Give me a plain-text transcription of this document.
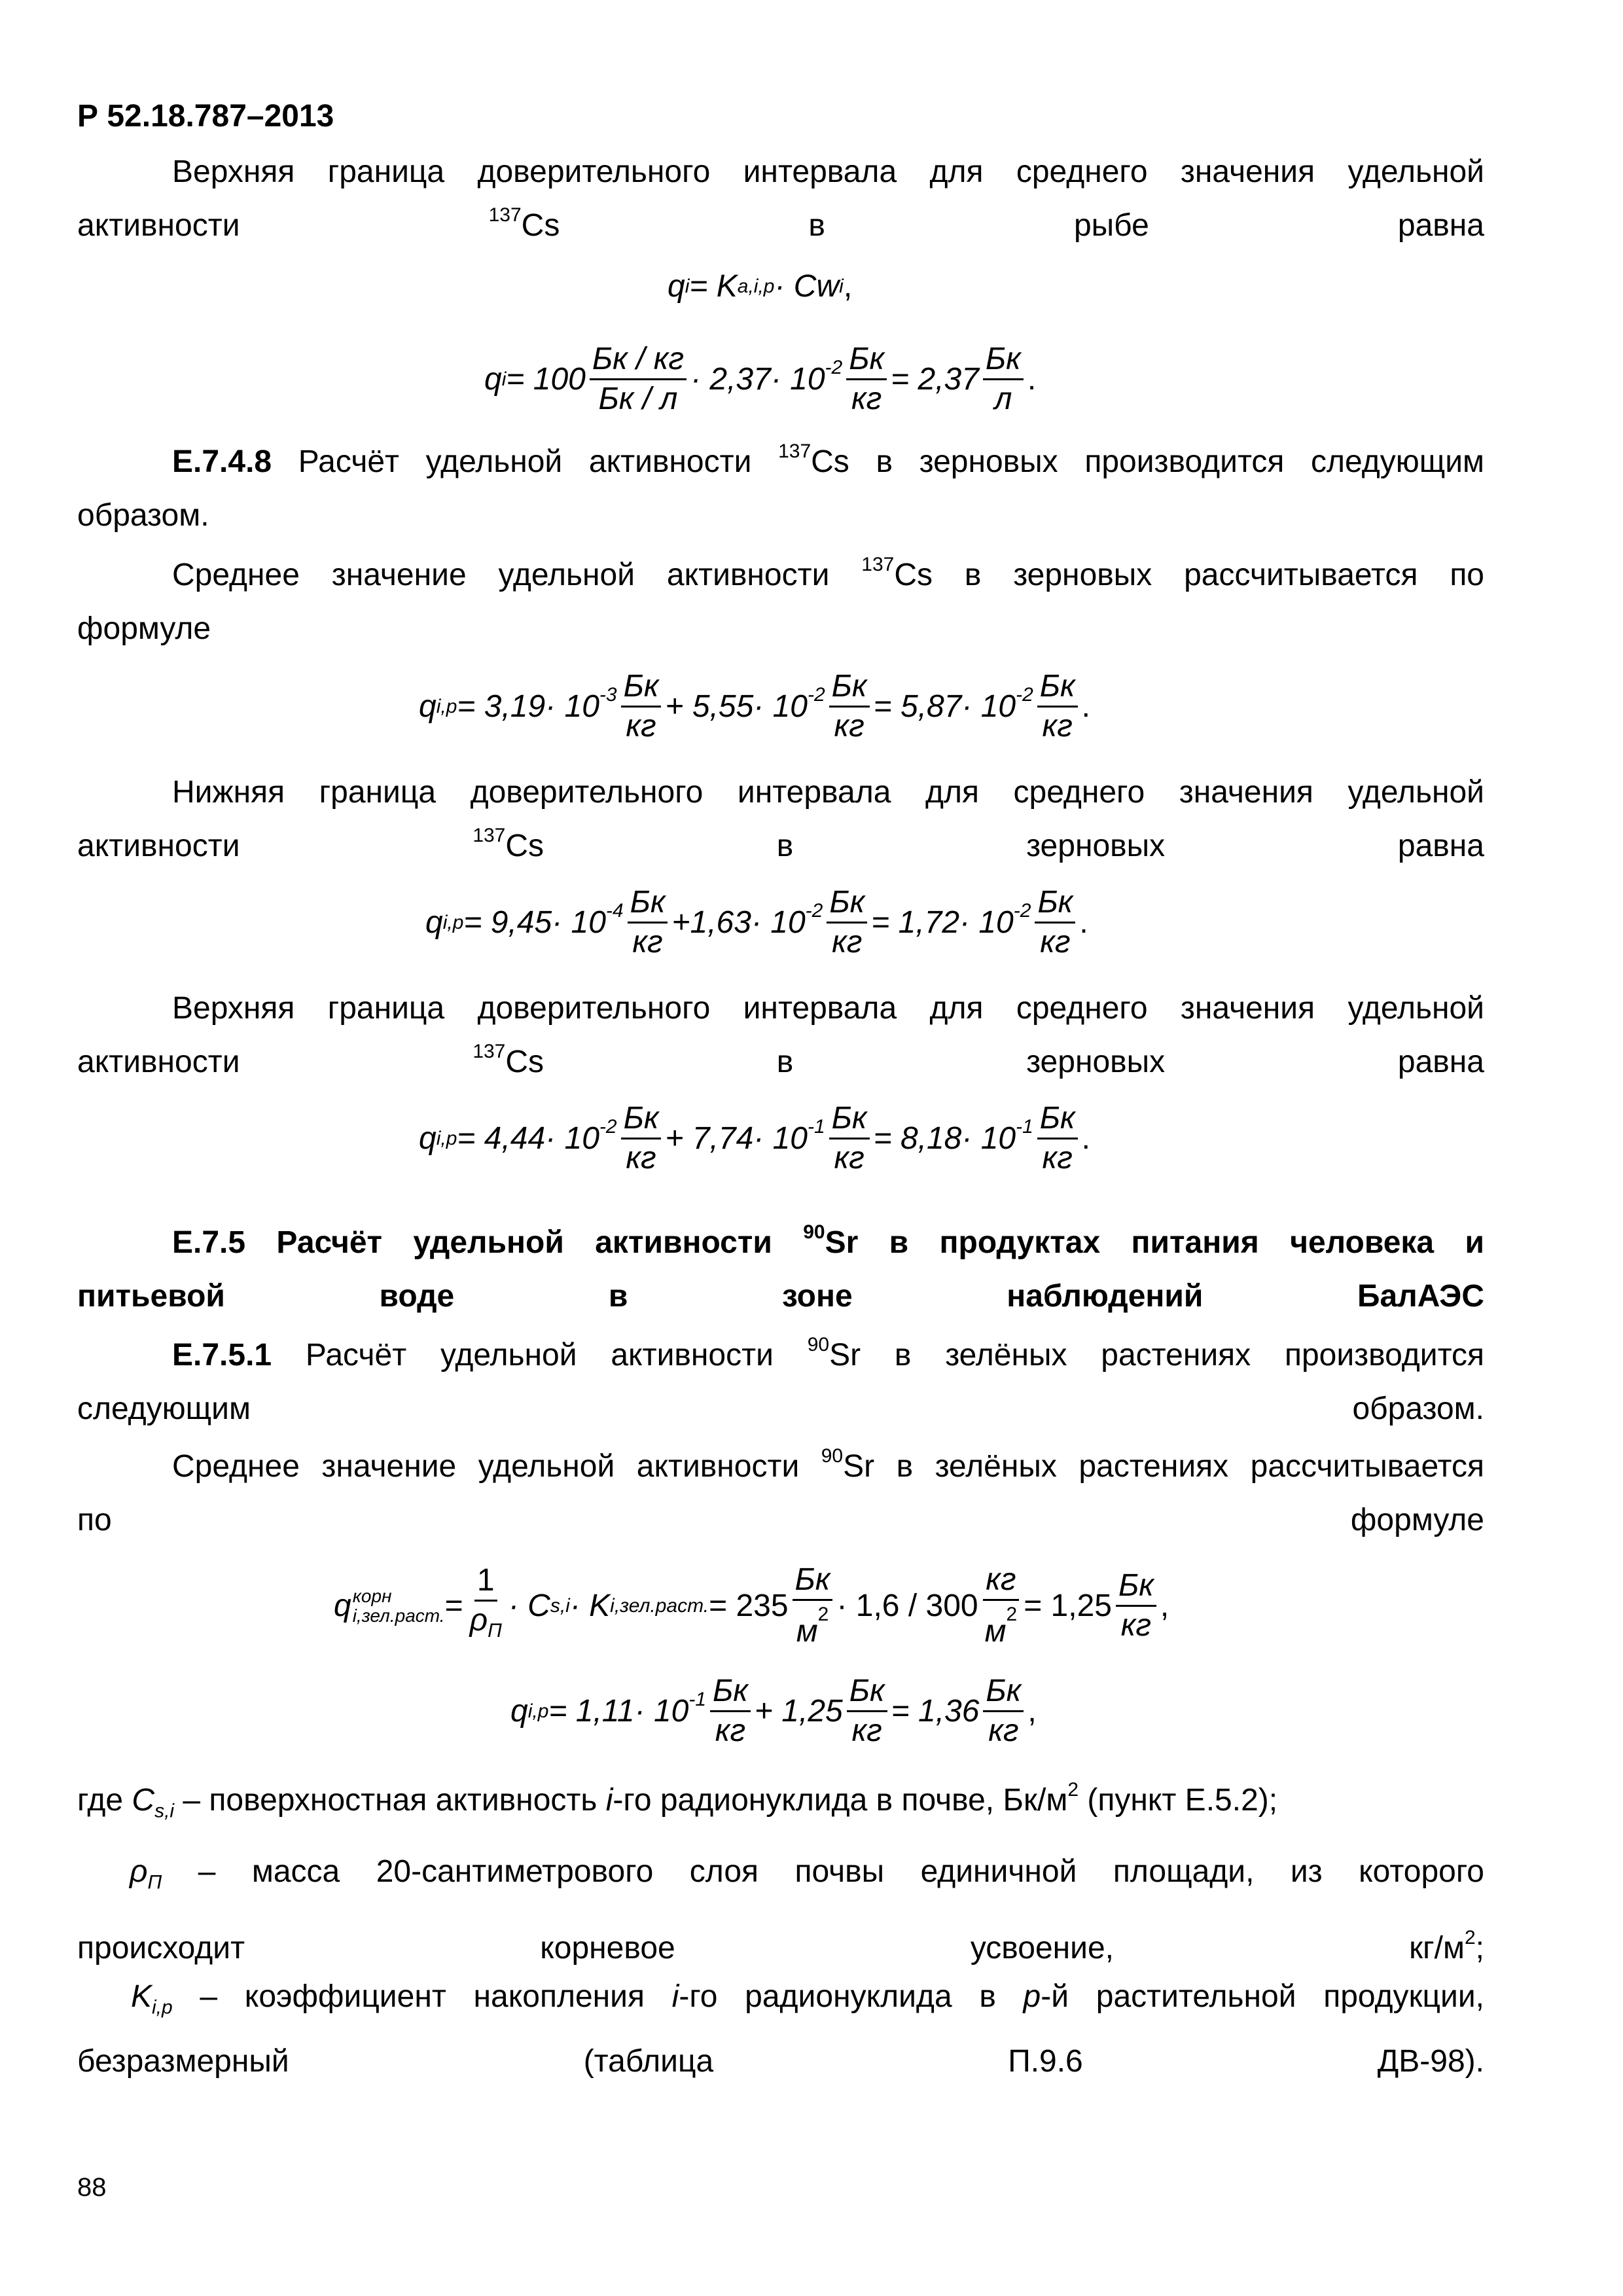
Р 52.18.787–2013

Верхняя граница доверительного интервала для среднего значения удельной
активности $^{137}$Cs в рыбе равна

q i = K a,i,p · Cw i ,
q $i = 100 \frac{Бк / кг}{Бк / л} \cdot 2,37\cdot 10$ $-2 \frac{Бк}{кг} = 2,37 \frac{Бк}{л}$ .

Е.7.4.8 Расчёт удельной активности $^{137}$Cs в зерновых производится следующим
образом.

Среднее значение удельной активности $^{137}$Cs в зерновых рассчитывается по
формуле

q i,p = 3,19· 10 $-3 \frac{Бк}{кг} + 5,55\cdot 10$ $-2 \frac{Бк}{кг} = 5,87\cdot 10$ $-2 \frac{Бк}{кг}$ .

Нижняя граница доверительного интервала для среднего значения удельной
активности $^{137}$Cs в зерновых равна

q i,p = 9,45· 10 $-4 \frac{Бк}{кг} +1,63\cdot 10$ $-2 \frac{Бк}{кг} = 1,72\cdot 10$ $-2 \frac{Бк}{кг}$ .

Верхняя граница доверительного интервала для среднего значения удельной
активности $^{137}$Cs в зерновых равна

q i,p = 4,44· 10 $-2 \frac{Бк}{кг} + 7,74\cdot 10$ $-1 \frac{Бк}{кг} = 8,18\cdot 10$ $-1 \frac{Бк}{кг}$ .

Е.7.5 Расчёт удельной активности $^{90}$Sr в продуктах питания человека и
питьевой воде в зоне наблюдений БалАЭС

Е.7.5.1 Расчёт удельной активности $^{90}$Sr в зелёных растениях производится
следующим образом.

Среднее значение удельной активности $^{90}$Sr в зелёных растениях рассчитывается
по формуле

q корн
i,зел.раст. = $\frac{1}{\rho_П} \cdot C$ s,i · K i,зел.раст. = $235 \frac{Бк}{м^2} \cdot 1,6 / 300 \frac{кг}{м^2} = 1,25 \frac{Бк}{кг}$ ,
q i,p = 1,11· 10 $-1 \frac{Бк}{кг} + 1,25 \frac{Бк}{кг} = 1,36 \frac{Бк}{кг}$ ,

где $C_{s,i}$ – поверхностная активность i-го радионуклида в почве, $Бк/м^2$ (пункт Е.5.2);

$\rho_П$ – масса 20-сантиметрового слоя почвы единичной площади, из которого
происходит корневое усвоение, $кг/м^2$;

$K_{i,p}$ – коэффициент накопления i-го радионуклида в p-й растительной продукции,
безразмерный (таблица П.9.6 ДВ-98).

88
